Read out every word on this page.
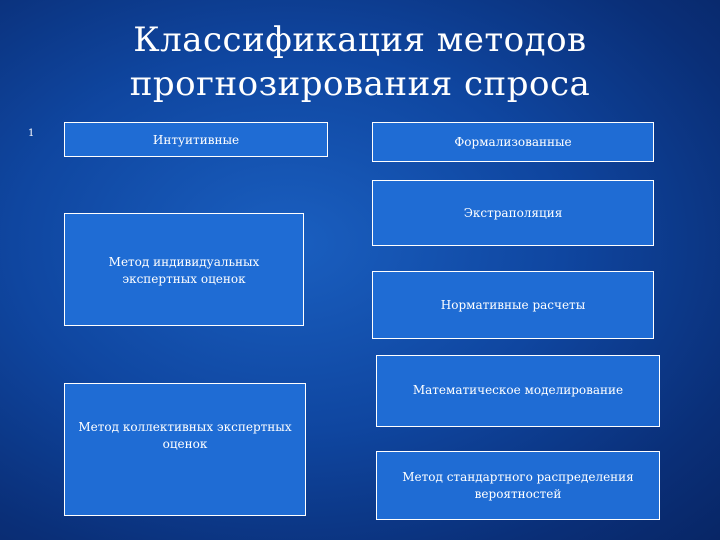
Классификация методов прогнозирования спроса
1	Интуитивные	Формализованные
Экстраполяция
Метод индивидуальных экспертных оценок
Нормативные расчеты
Математическое моделирование
Метод коллективных экспертных оценок
Метод стандартного распределения вероятностей
